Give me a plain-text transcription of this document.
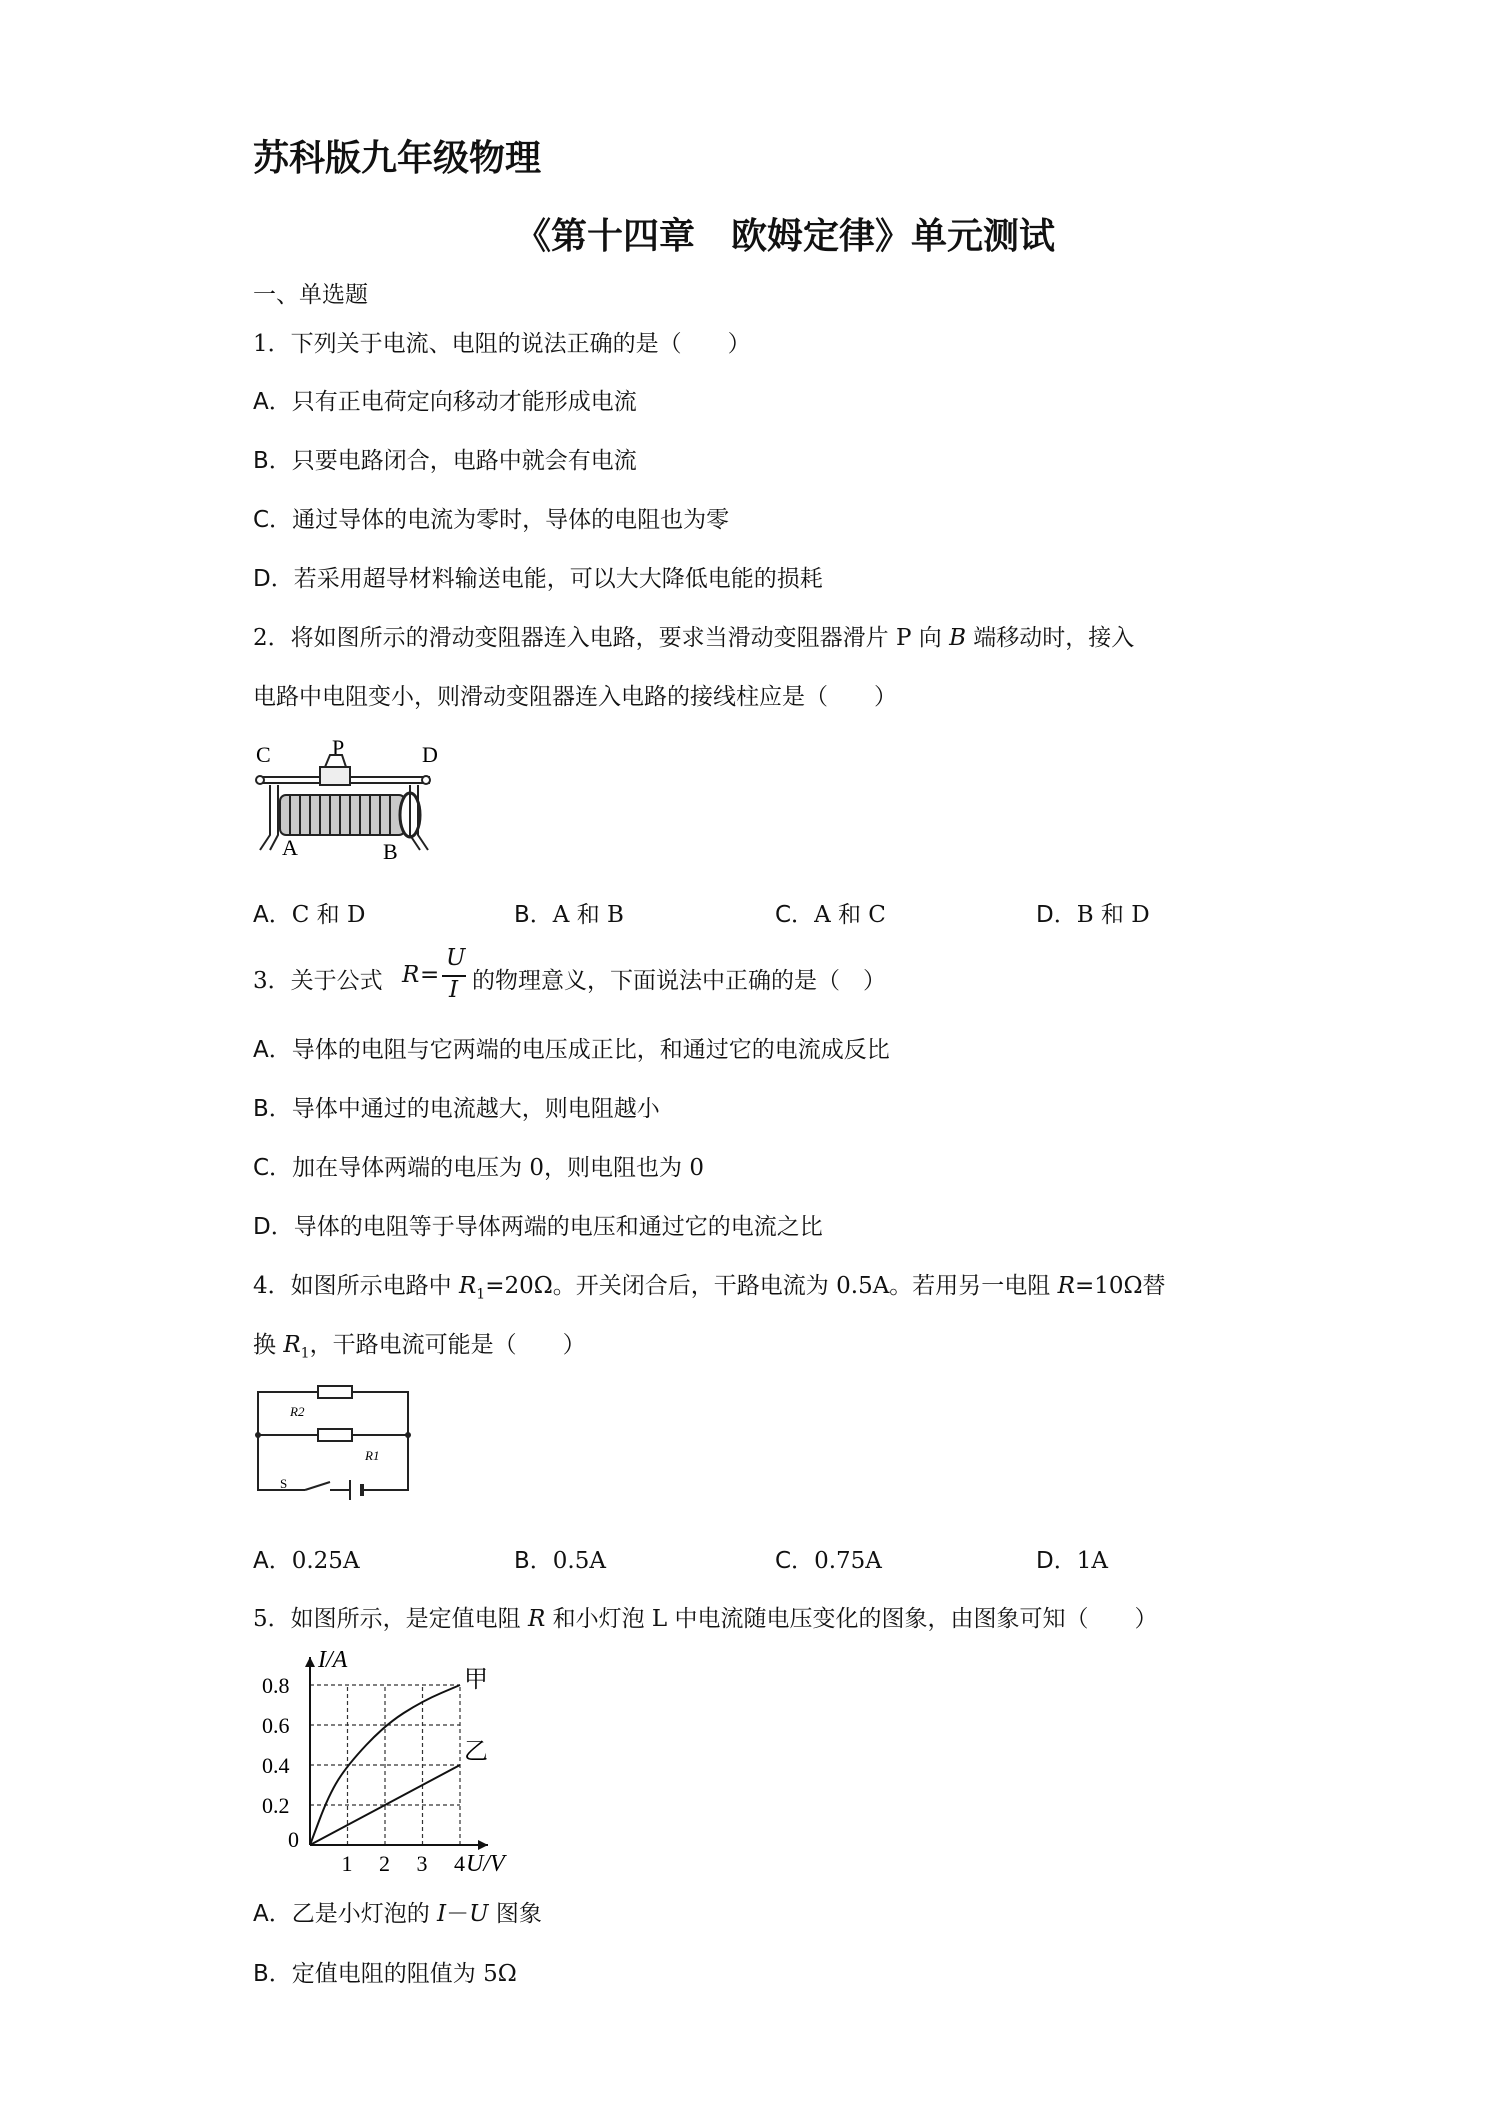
苏科版九年级物理
《第十四章　欧姆定律》单元测试
一、单选题
1．下列关于电流、电阻的说法正确的是（　　）
A．只有正电荷定向移动才能形成电流
B．只要电路闭合，电路中就会有电流
C．通过导体的电流为零时，导体的电阻也为零
D．若采用超导材料输送电能，可以大大降低电能的损耗
2．将如图所示的滑动变阻器连入电路，要求当滑动变阻器滑片 P 向 B 端移动时，接入
电路中电阻变小，则滑动变阻器连入电路的接线柱应是（　　）
C	P	D
A	B
A．C 和 D	B．A 和 B	C．A 和 C	D．B 和 D
3．关于公式 R =
U
I 的物理意义，下面说法中正确的是（　）
A．导体的电阻与它两端的电压成正比，和通过它的电流成反比
B．导体中通过的电流越大，则电阻越小
C．加在导体两端的电压为 0，则电阻也为 0
D．导体的电阻等于导体两端的电压和通过它的电流之比
4．如图所示电路中 $R_1=20\Omega$。开关闭合后，干路电流为 0.5A。若用另一电阻 R=10Ω替
换 $R_1$，干路电流可能是（　　）
R2
R1
S
A．0.25A	B．0.5A	C．0.75A	D．1A
5．如图所示，是定值电阻 R 和小灯泡 L 中电流随电压变化的图象，由图象可知（　　）
1 2 3 4
0.8
0.6
0.4
0.2
0
I/A
U/V
甲
乙
A．乙是小灯泡的 I－U 图象
B．定值电阻的阻值为 5Ω
